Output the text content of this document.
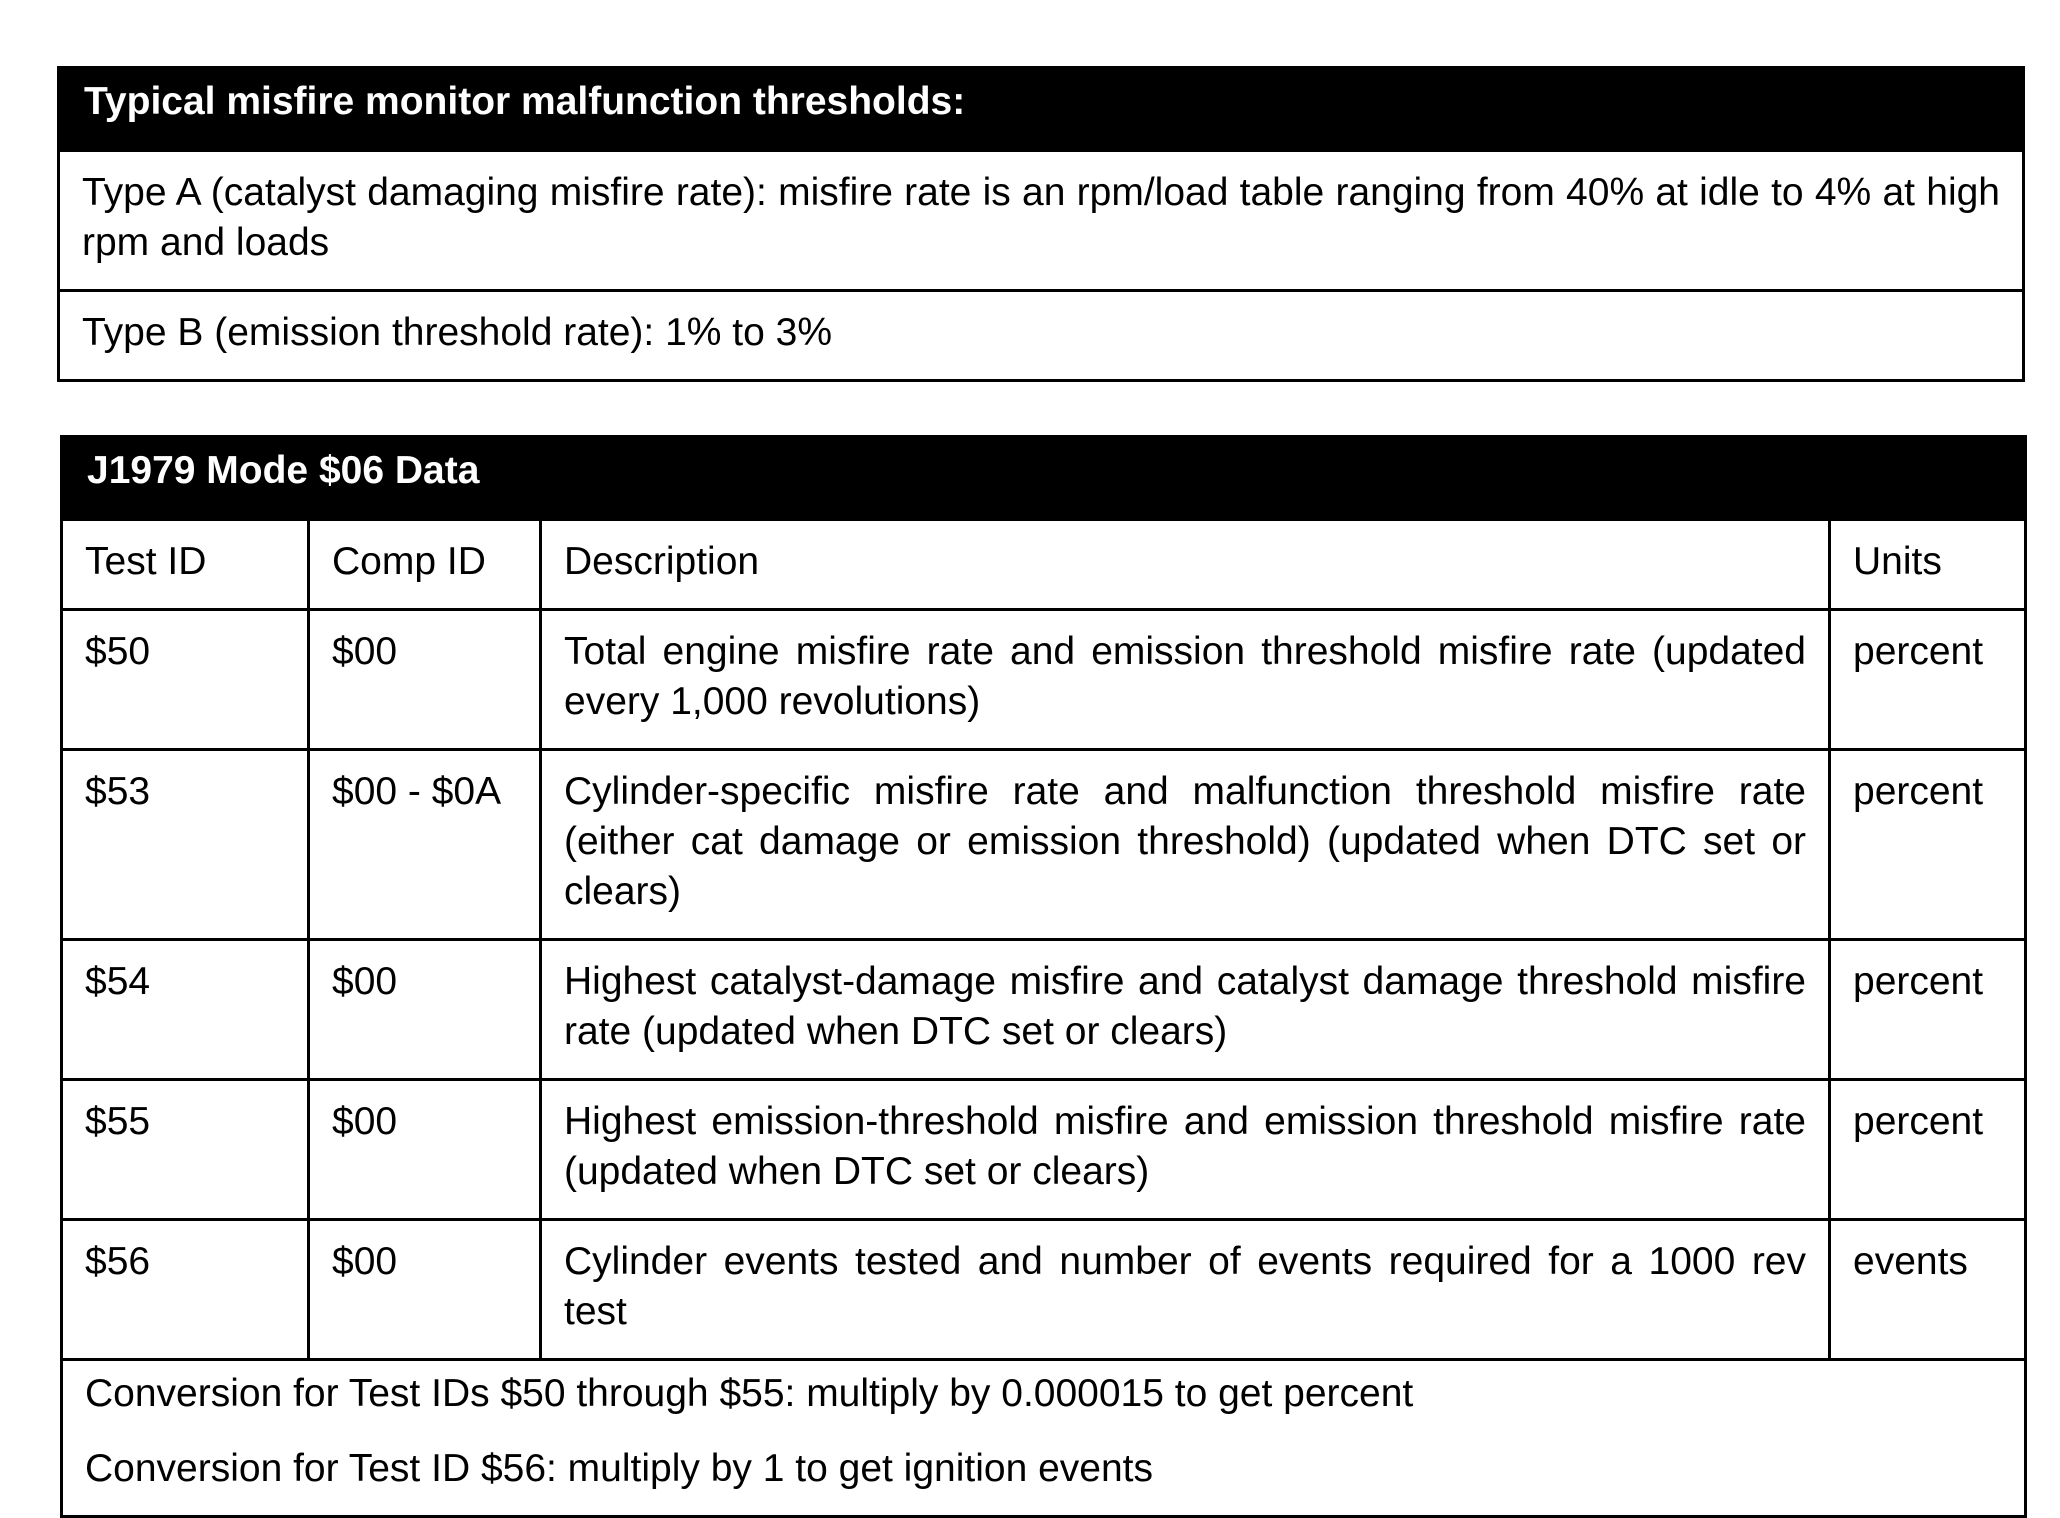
Typical misfire monitor malfunction thresholds:
Type A (catalyst damaging misfire rate): misfire rate is an rpm/load table ranging from 40% at idle to 4% at high rpm and loads
Type B (emission threshold rate): 1% to 3%
J1979 Mode $06 Data			
Test ID	Comp ID	Description	Units
$50	$00	Total engine misfire rate and emission threshold misfire rate (updated every 1,000 revolutions)	percent
$53	$00 - $0A	Cylinder-specific misfire rate and malfunction threshold misfire rate (either cat damage or emission threshold) (updated when DTC set or clears)	percent
$54	$00	Highest catalyst-damage misfire and catalyst damage threshold misfire rate (updated when DTC set or clears)	percent
$55	$00	Highest emission-threshold misfire and emission threshold misfire rate (updated when DTC set or clears)	percent
$56	$00	Cylinder events tested and number of events required for a 1000 rev test	events

Conversion for Test IDs $50 through $55: multiply by 0.000015 to get percent
Conversion for Test ID $56: multiply by 1 to get ignition events			
